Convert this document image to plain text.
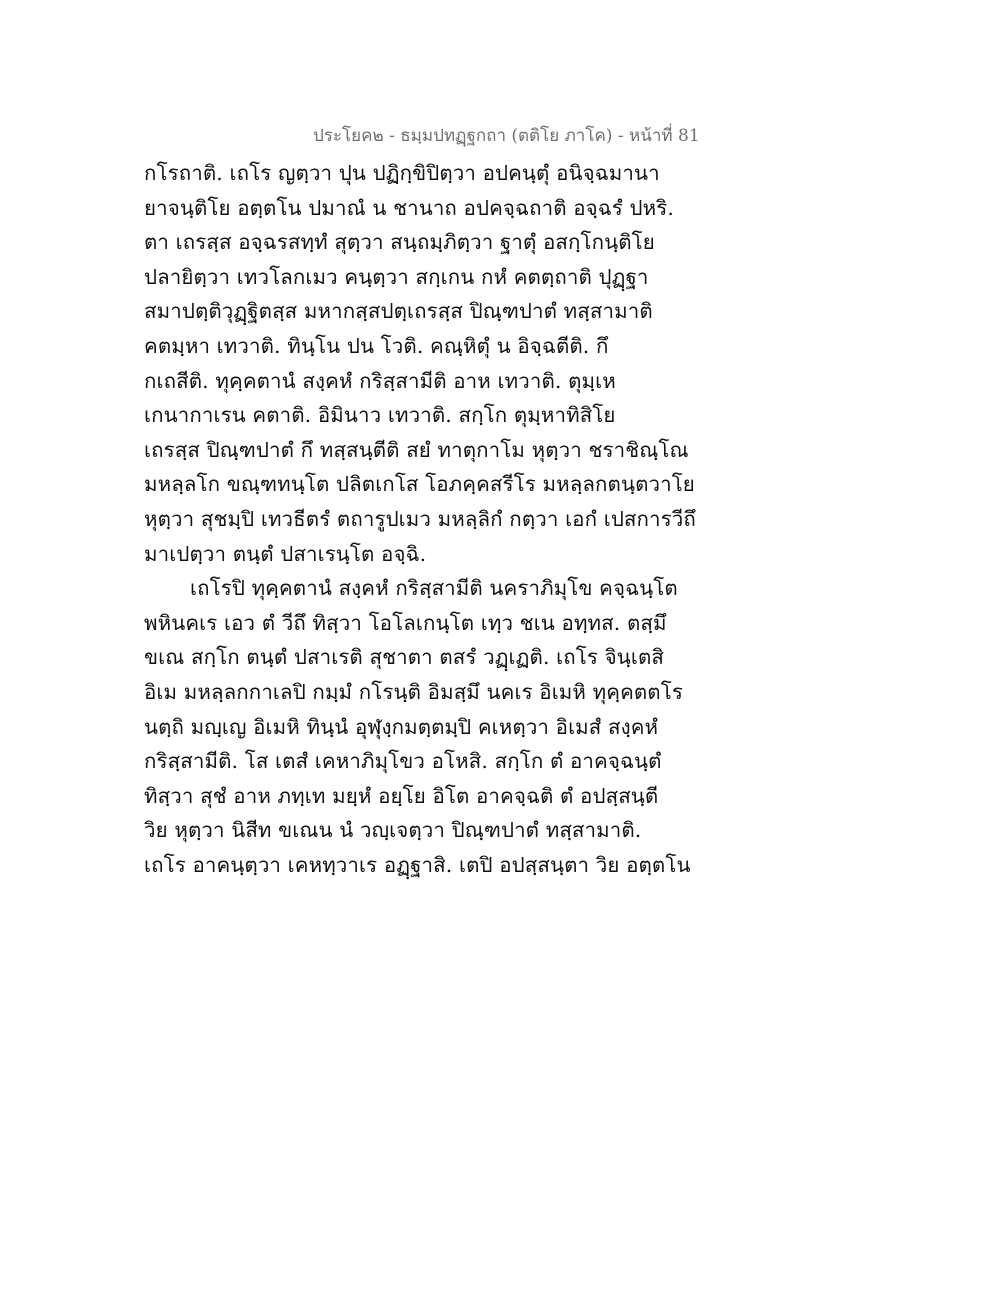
ประโยค๒ - ธมฺมปทฏฺฐกถา (ตติโย ภาโค) - หน้าที่ 81
กโรถาติ. เถโร ญตฺวา ปุน ปฏิกฺขิปิตฺวา อปคนฺตุํ อนิจฺฉมานา
ยาจนฺติโย อตฺตโน ปมาณํ น ชานาถ อปคจฺฉถาติ อจฺฉรํ ปหริ.
ตา เถรสฺส อจฺฉรสทฺทํ สุตฺวา สนฺถมฺภิตฺวา ฐาตุํ อสกฺโกนฺติโย
ปลายิตฺวา เทวโลกเมว คนฺตฺวา สกฺเกน กหํ คตตฺถาติ ปุฏฺฐา
สมาปตฺติวุฏฺฐิตสฺส มหากสฺสปตฺเถรสฺส ปิณฺฑปาตํ ทสฺสามาติ
คตมฺหา เทวาติ. ทินฺโน ปน โวติ. คณฺหิตุํ น อิจฺฉตีติ. กึ
กเถสีติ. ทุคฺคตานํ สงฺคหํ กริสฺสามีติ อาห เทวาติ. ตุมฺเห
เกนากาเรน คตาติ. อิมินาว เทวาติ. สกฺโก ตุมฺหาทิสิโย
เถรสฺส ปิณฺฑปาตํ กึ ทสฺสนฺตีติ สยํ ทาตุกาโม หุตฺวา ชราชิณฺโณ
มหลฺลโก ขณฺฑทนฺโต ปลิตเกโส โอภคฺคสรีโร มหลฺลกตนฺตวาโย
หุตฺวา สุชมฺปิ เทวธีตรํ ตถารูปเมว มหลฺลิกํ กตฺวา เอกํ เปสการวีถึ
มาเปตฺวา ตนฺตํ ปสาเรนฺโต อจฺฉิ.
เถโรปิ ทุคฺคตานํ สงฺคหํ กริสฺสามีติ นคราภิมุโข คจฺฉนฺโต
พหินคเร เอว ตํ วีถึ ทิสฺวา โอโลเกนฺโต เทฺว ชเน อทฺทส. ตสฺมึ
ขเณ สกฺโก ตนฺตํ ปสาเรติ สุชาตา ตสรํ วฏฺเฏติ. เถโร จินฺเตสิ
อิเม มหลฺลกกาเลปิ กมฺมํ กโรนฺติ อิมสฺมึ นคเร อิเมหิ ทุคฺคตตโร
นตฺถิ มญฺเญ อิเมหิ ทินฺนํ อุฬุงฺกมตฺตมฺปิ คเหตฺวา อิเมสํ สงฺคหํ
กริสฺสามีติ. โส เตสํ เคหาภิมุโขว อโหสิ. สกฺโก ตํ อาคจฺฉนฺตํ
ทิสฺวา สุชํ อาห ภทฺเท มยฺหํ อยฺโย อิโต อาคจฺฉติ ตํ อปสฺสนฺตี
วิย หุตฺวา นิสีท ขเณน นํ วญฺเจตฺวา ปิณฺฑปาตํ ทสฺสามาติ.
เถโร อาคนฺตฺวา เคหทฺวาเร อฏฺฐาสิ. เตปิ อปสฺสนฺตา วิย อตฺตโน
